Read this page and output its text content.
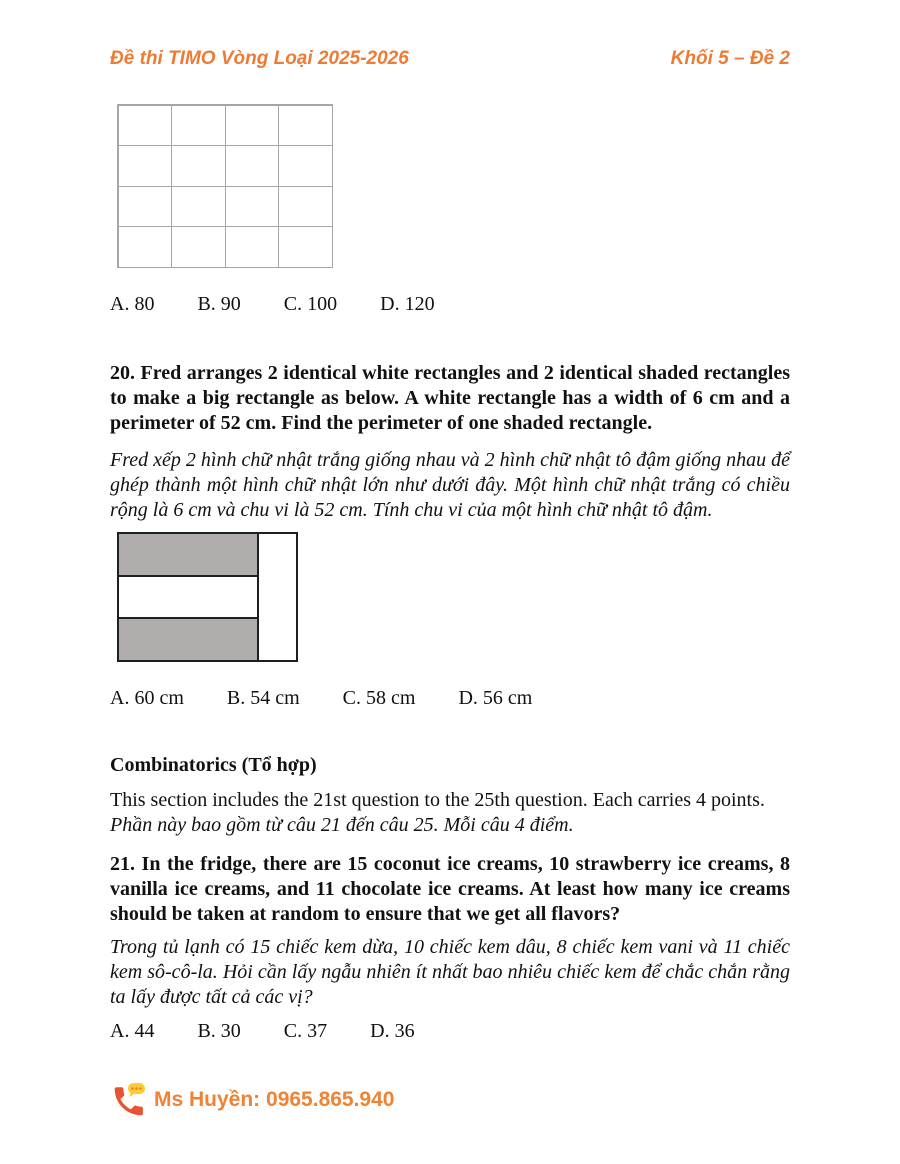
Đề thi TIMO Vòng Loại 2025-2026	Khối 5 – Đề 2
A. 80 B. 90 C. 100 D. 120
20. Fred arranges 2 identical white rectangles and 2 identical shaded rectangles to make a big rectangle as below. A white rectangle has a width of 6 cm and a perimeter of 52 cm. Find the perimeter of one shaded rectangle.
Fred xếp 2 hình chữ nhật trắng giống nhau và 2 hình chữ nhật tô đậm giống nhau để ghép thành một hình chữ nhật lớn như dưới đây. Một hình chữ nhật trắng có chiều rộng là 6 cm và chu vi là 52 cm. Tính chu vi của một hình chữ nhật tô đậm.
A. 60 cm B. 54 cm C. 58 cm D. 56 cm
Combinatorics (Tổ hợp)
This section includes the 21st question to the 25th question. Each carries 4 points.
Phần này bao gồm từ câu 21 đến câu 25. Mỗi câu 4 điểm.
21. In the fridge, there are 15 coconut ice creams, 10 strawberry ice creams, 8 vanilla ice creams, and 11 chocolate ice creams. At least how many ice creams should be taken at random to ensure that we get all flavors?
Trong tủ lạnh có 15 chiếc kem dừa, 10 chiếc kem dâu, 8 chiếc kem vani và 11 chiếc kem sô-cô-la. Hỏi cần lấy ngẫu nhiên ít nhất bao nhiêu chiếc kem để chắc chắn rằng ta lấy được tất cả các vị?
A. 44 B. 30 C. 37 D. 36
Ms Huyền: 0965.865.940
